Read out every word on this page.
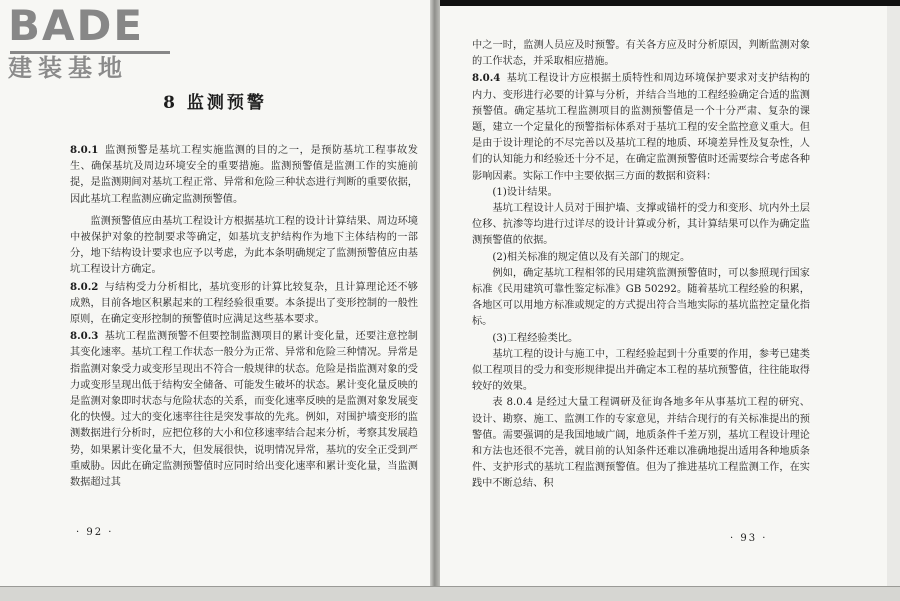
BADE
建装基地
8 监测预警

8.0.1 监测预警是基坑工程实施监测的目的之一，是预防基坑工程事故发生、确保基坑及周边环境安全的重要措施。监测预警值是监测工作的实施前提，是监测期间对基坑工程正常、异常和危险三种状态进行判断的重要依据，因此基坑工程监测应确定监测预警值。

监测预警值应由基坑工程设计方根据基坑工程的设计计算结果、周边环境中被保护对象的控制要求等确定，如基坑支护结构作为地下主体结构的一部分，地下结构设计要求也应予以考虑，为此本条明确规定了监测预警值应由基坑工程设计方确定。

8.0.2 与结构受力分析相比，基坑变形的计算比较复杂，且计算理论还不够成熟，目前各地区积累起来的工程经验很重要。本条提出了变形控制的一般性原则，在确定变形控制的预警值时应满足这些基本要求。

8.0.3 基坑工程监测预警不但要控制监测项目的累计变化量，还要注意控制其变化速率。基坑工程工作状态一般分为正常、异常和危险三种情况。异常是指监测对象受力或变形呈现出不符合一般规律的状态。危险是指监测对象的受力或变形呈现出低于结构安全储备、可能发生破坏的状态。累计变化量反映的是监测对象即时状态与危险状态的关系，而变化速率反映的是监测对象发展变化的快慢。过大的变化速率往往是突发事故的先兆。例如，对围护墙变形的监测数据进行分析时，应把位移的大小和位移速率结合起来分析，考察其发展趋势，如果累计变化量不大，但发展很快，说明情况异常，基坑的安全正受到严重威胁。因此在确定监测预警值时应同时给出变化速率和累计变化量，当监测数据超过其

· 92 ·
· 93 ·

中之一时，监测人员应及时预警。有关各方应及时分析原因，判断监测对象的工作状态，并采取相应措施。

8.0.4 基坑工程设计方应根据土质特性和周边环境保护要求对支护结构的内力、变形进行必要的计算与分析，并结合当地的工程经验确定合适的监测预警值。确定基坑工程监测项目的监测预警值是一个十分严肃、复杂的课题，建立一个定量化的预警指标体系对于基坑工程的安全监控意义重大。但是由于设计理论的不尽完善以及基坑工程的地质、环境差异性及复杂性，人们的认知能力和经验还十分不足，在确定监测预警值时还需要综合考虑各种影响因素。实际工作中主要依据三方面的数据和资料：

(1)设计结果。

基坑工程设计人员对于围护墙、支撑或锚杆的受力和变形、坑内外土层位移、抗渗等均进行过详尽的设计计算或分析，其计算结果可以作为确定监测预警值的依据。

(2)相关标准的规定值以及有关部门的规定。

例如，确定基坑工程相邻的民用建筑监测预警值时，可以参照现行国家标准《民用建筑可靠性鉴定标准》GB 50292。随着基坑工程经验的积累，各地区可以用地方标准或规定的方式提出符合当地实际的基坑监控定量化指标。

(3)工程经验类比。

基坑工程的设计与施工中，工程经验起到十分重要的作用，参考已建类似工程项目的受力和变形规律提出并确定本工程的基坑预警值，往往能取得较好的效果。

表 8.0.4 是经过大量工程调研及征询各地多年从事基坑工程的研究、设计、勘察、施工、监测工作的专家意见，并结合现行的有关标准提出的预警值。需要强调的是我国地域广阔，地质条件千差万别，基坑工程设计理论和方法也还很不完善，就目前的认知条件还难以准确地提出适用各种地质条件、支护形式的基坑工程监测预警值。但为了推进基坑工程监测工作，在实践中不断总结、积
